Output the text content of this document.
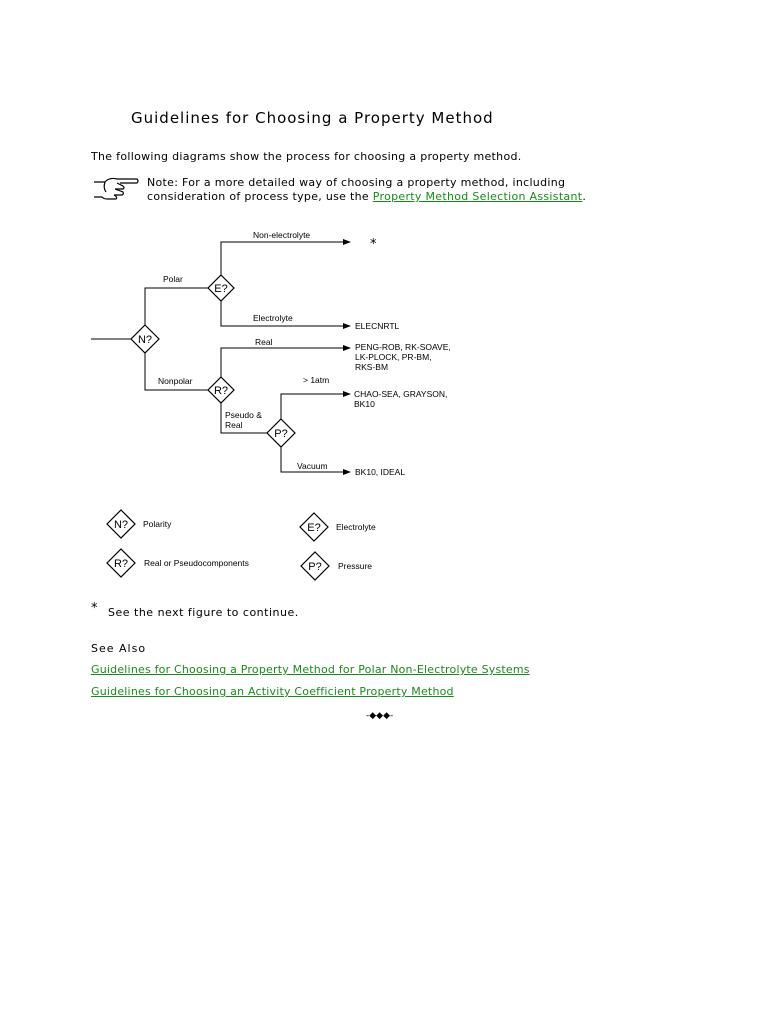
Guidelines for Choosing a Property Method
The following diagrams show the process for choosing a property method.
Note: For a more detailed way of choosing a property method, including consideration of process type, use the Property Method Selection Assistant.
N?
E?
R?
P?
Non-electrolyte
Polar
Electrolyte
Real
Nonpolar	> 1atm
Pseudo &
Real
Vacuum
*
ELECNRTL
PENG-ROB, RK-SOAVE,
LK-PLOCK, PR-BM,
RKS-BM
CHAO-SEA, GRAYSON,
BK10
BK10, IDEAL
N? Polarity	E? Electrolyte
R? Real or Pseudocomponents	P? Pressure
* See the next figure to continue.
See Also
Guidelines for Choosing a Property Method for Polar Non-Electrolyte Systems
Guidelines for Choosing an Activity Coefficient Property Method
-◆◆◆-
